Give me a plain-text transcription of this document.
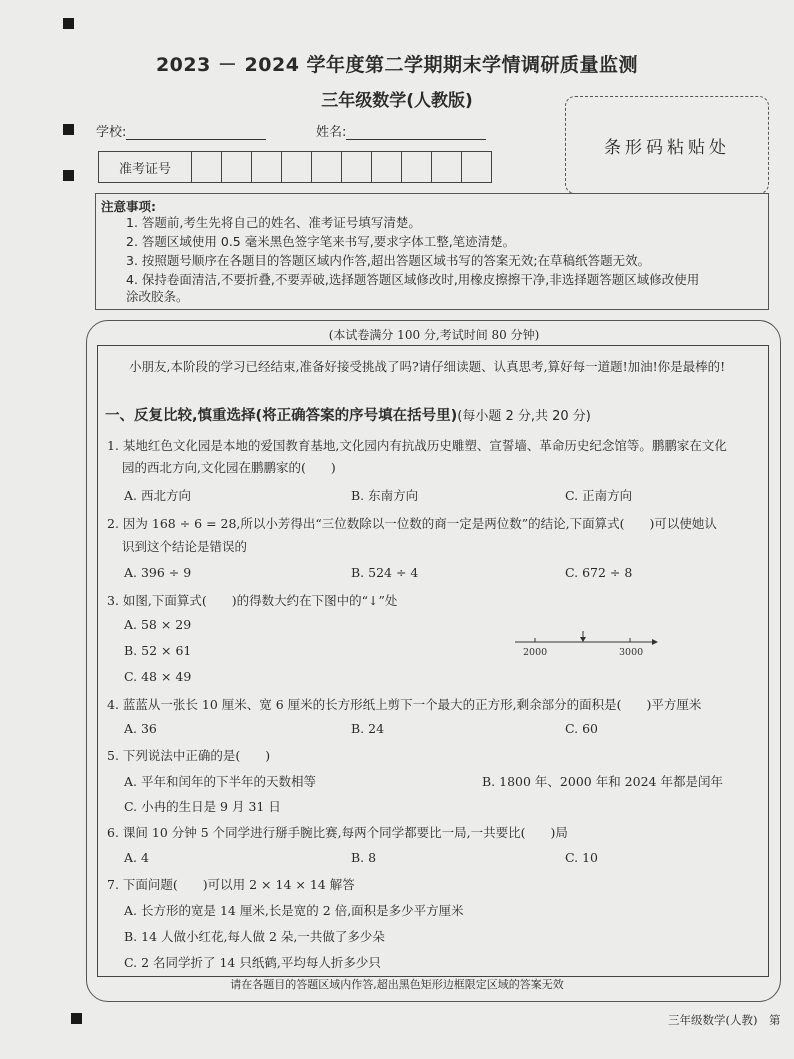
2023 － 2024 学年度第二学期期末学情调研质量监测
三年级数学(人教版)
学校:	姓名:
准考证号
条形码粘贴处
注意事项:
1. 答题前,考生先将自己的姓名、准考证号填写清楚。
2. 答题区域使用 0.5 毫米黑色签字笔来书写,要求字体工整,笔迹清楚。
3. 按照题号顺序在各题目的答题区域内作答,超出答题区域书写的答案无效;在草稿纸答题无效。
4. 保持卷面清洁,不要折叠,不要弄破,选择题答题区域修改时,用橡皮擦擦干净,非选择题答题区域修改使用
涂改胶条。
(本试卷满分 100 分,考试时间 80 分钟)
小朋友,本阶段的学习已经结束,准备好接受挑战了吗?请仔细读题、认真思考,算好每一道题!加油!你是最棒的!
一、反复比较,慎重选择(将正确答案的序号填在括号里)(每小题 2 分,共 20 分)
1. 某地红色文化园是本地的爱国教育基地,文化园内有抗战历史雕塑、宣誓墙、革命历史纪念馆等。鹏鹏家在文化
园的西北方向,文化园在鹏鹏家的(　　)
A. 西北方向	B. 东南方向	C. 正南方向
2. 因为 168 ÷ 6 = 28,所以小芳得出“三位数除以一位数的商一定是两位数”的结论,下面算式(　　)可以使她认
识到这个结论是错误的
A. 396 ÷ 9	B. 524 ÷ 4	C. 672 ÷ 8
3. 如图,下面算式(　　)的得数大约在下图中的“↓”处
A. 58 × 29
B. 52 × 61
C. 48 × 49
2000	3000
4. 蓝蓝从一张长 10 厘米、宽 6 厘米的长方形纸上剪下一个最大的正方形,剩余部分的面积是(　　)平方厘米
A. 36	B. 24	C. 60
5. 下列说法中正确的是(　　)
A. 平年和闰年的下半年的天数相等	B. 1800 年、2000 年和 2024 年都是闰年
C. 小冉的生日是 9 月 31 日
6. 课间 10 分钟 5 个同学进行掰手腕比赛,每两个同学都要比一局,一共要比(　　)局
A. 4	B. 8	C. 10
7. 下面问题(　　)可以用 2 × 14 × 14 解答
A. 长方形的宽是 14 厘米,长是宽的 2 倍,面积是多少平方厘米
B. 14 人做小红花,每人做 2 朵,一共做了多少朵
C. 2 名同学折了 14 只纸鹤,平均每人折多少只
请在各题目的答题区域内作答,超出黑色矩形边框限定区域的答案无效
三年级数学(人教)　第
